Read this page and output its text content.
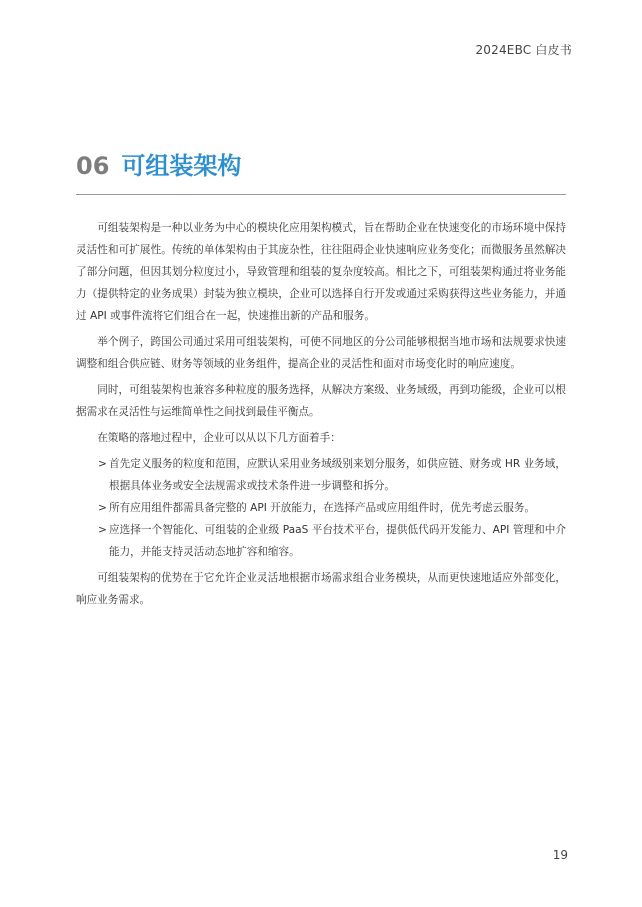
2024EBC 白皮书
06 可组装架构

可组装架构是一种以业务为中心的模块化应用架构模式，旨在帮助企业在快速变化的市场环境中保持灵活性和可扩展性。传统的单体架构由于其庞杂性，往往阻碍企业快速响应业务变化；而微服务虽然解决了部分问题，但因其划分粒度过小，导致管理和组装的复杂度较高。相比之下，可组装架构通过将业务能力（提供特定的业务成果）封装为独立模块，企业可以选择自行开发或通过采购获得这些业务能力，并通过 API 或事件流将它们组合在一起，快速推出新的产品和服务。

举个例子，跨国公司通过采用可组装架构，可使不同地区的分公司能够根据当地市场和法规要求快速调整和组合供应链、财务等领域的业务组件，提高企业的灵活性和面对市场变化时的响应速度。

同时，可组装架构也兼容多种粒度的服务选择，从解决方案级、业务域级，再到功能级，企业可以根据需求在灵活性与运维简单性之间找到最佳平衡点。

在策略的落地过程中，企业可以从以下几方面着手：

> 首先定义服务的粒度和范围，应默认采用业务域级别来划分服务，如供应链、财务或 HR 业务域，根据具体业务或安全法规需求或技术条件进一步调整和拆分。
> 所有应用组件都需具备完整的 API 开放能力，在选择产品或应用组件时，优先考虑云服务。
> 应选择一个智能化、可组装的企业级 PaaS 平台技术平台，提供低代码开发能力、API 管理和中介能力，并能支持灵活动态地扩容和缩容。

可组装架构的优势在于它允许企业灵活地根据市场需求组合业务模块，从而更快速地适应外部变化，响应业务需求。

19
